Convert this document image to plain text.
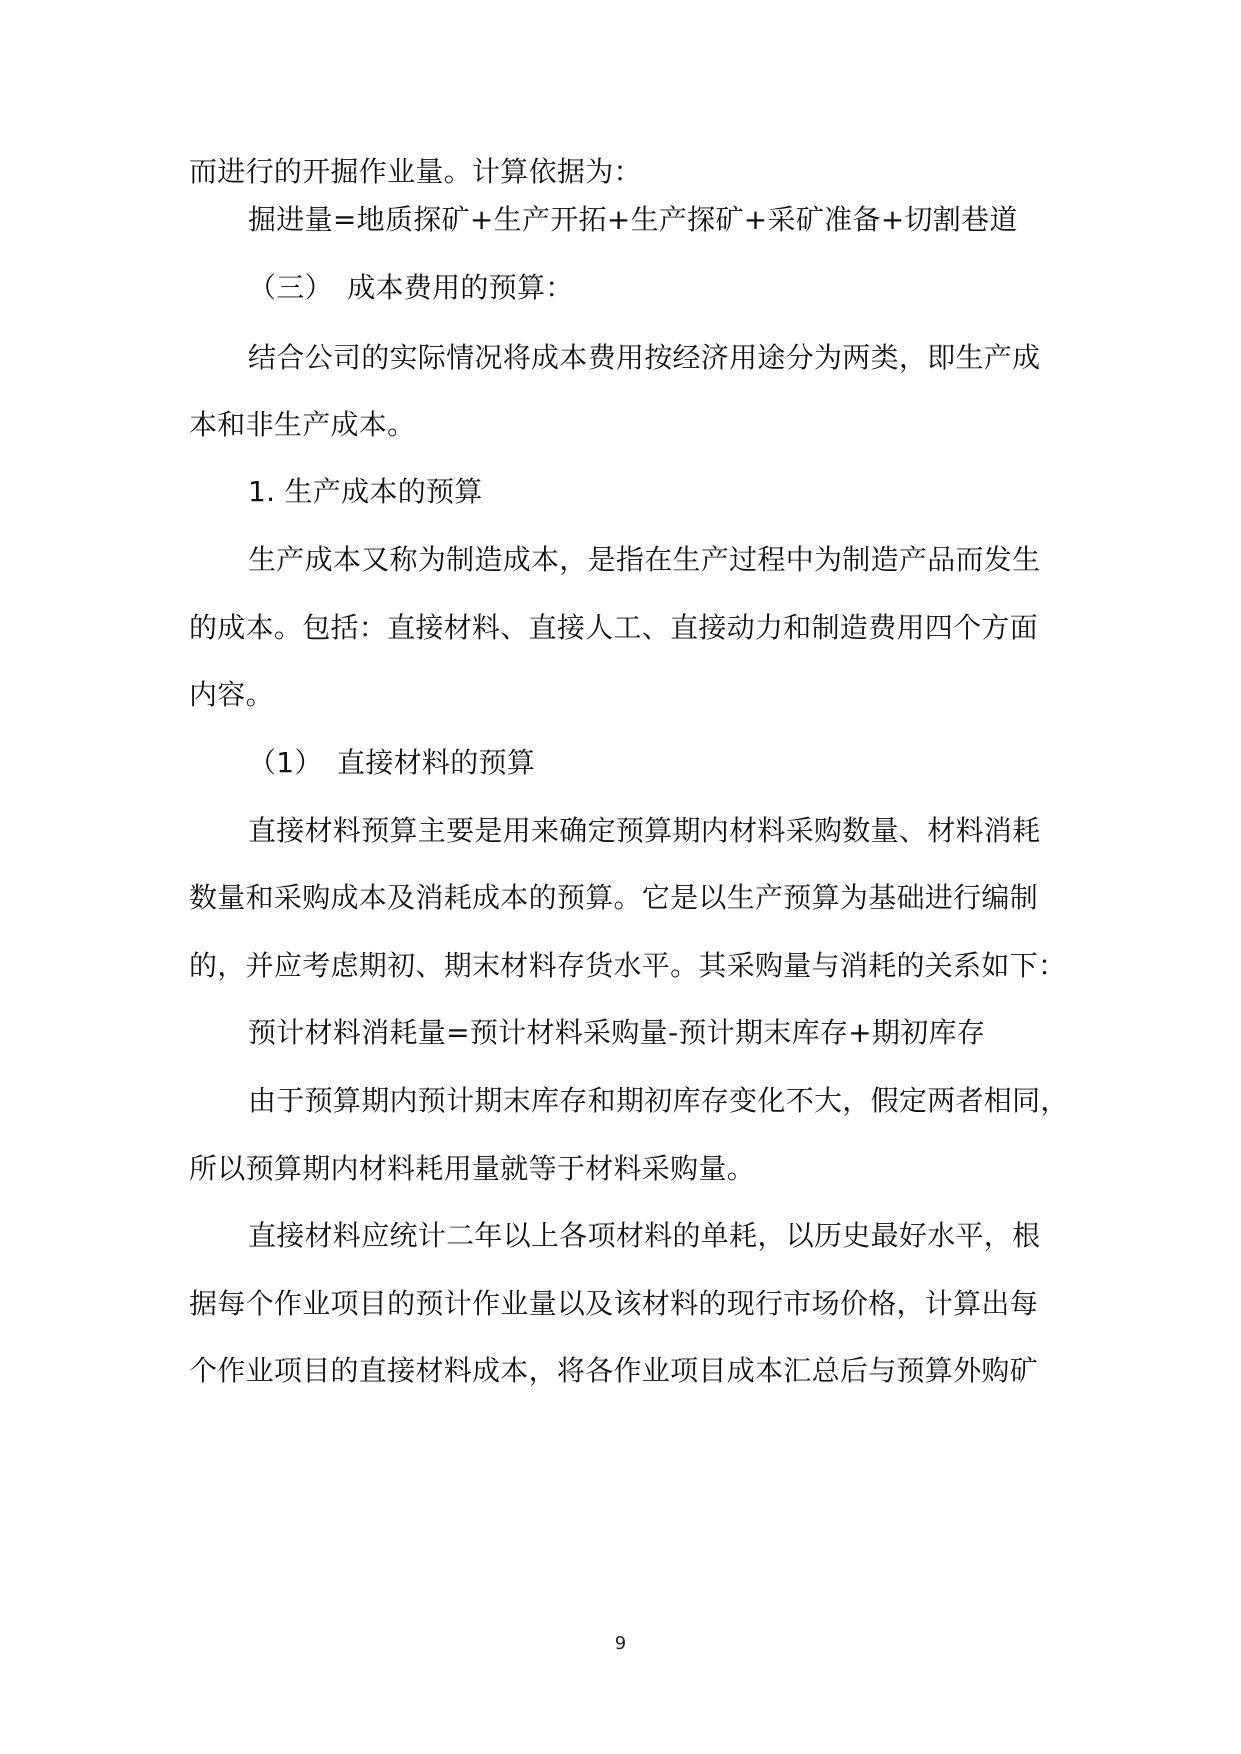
而进行的开掘作业量。计算依据为：
掘进量=地质探矿+生产开拓+生产探矿+采矿准备+切割巷道
（三）　成本费用的预算：
结合公司的实际情况将成本费用按经济用途分为两类，即生产成
本和非生产成本。
1. 生产成本的预算
生产成本又称为制造成本，是指在生产过程中为制造产品而发生
的成本。包括：直接材料、直接人工、直接动力和制造费用四个方面
内容。
（1）　直接材料的预算
直接材料预算主要是用来确定预算期内材料采购数量、材料消耗
数量和采购成本及消耗成本的预算。它是以生产预算为基础进行编制
的，并应考虑期初、期末材料存货水平。其采购量与消耗的关系如下：
预计材料消耗量=预计材料采购量-预计期末库存+期初库存
由于预算期内预计期末库存和期初库存变化不大，假定两者相同，
所以预算期内材料耗用量就等于材料采购量。
直接材料应统计二年以上各项材料的单耗，以历史最好水平，根
据每个作业项目的预计作业量以及该材料的现行市场价格，计算出每
个作业项目的直接材料成本，将各作业项目成本汇总后与预算外购矿
9
